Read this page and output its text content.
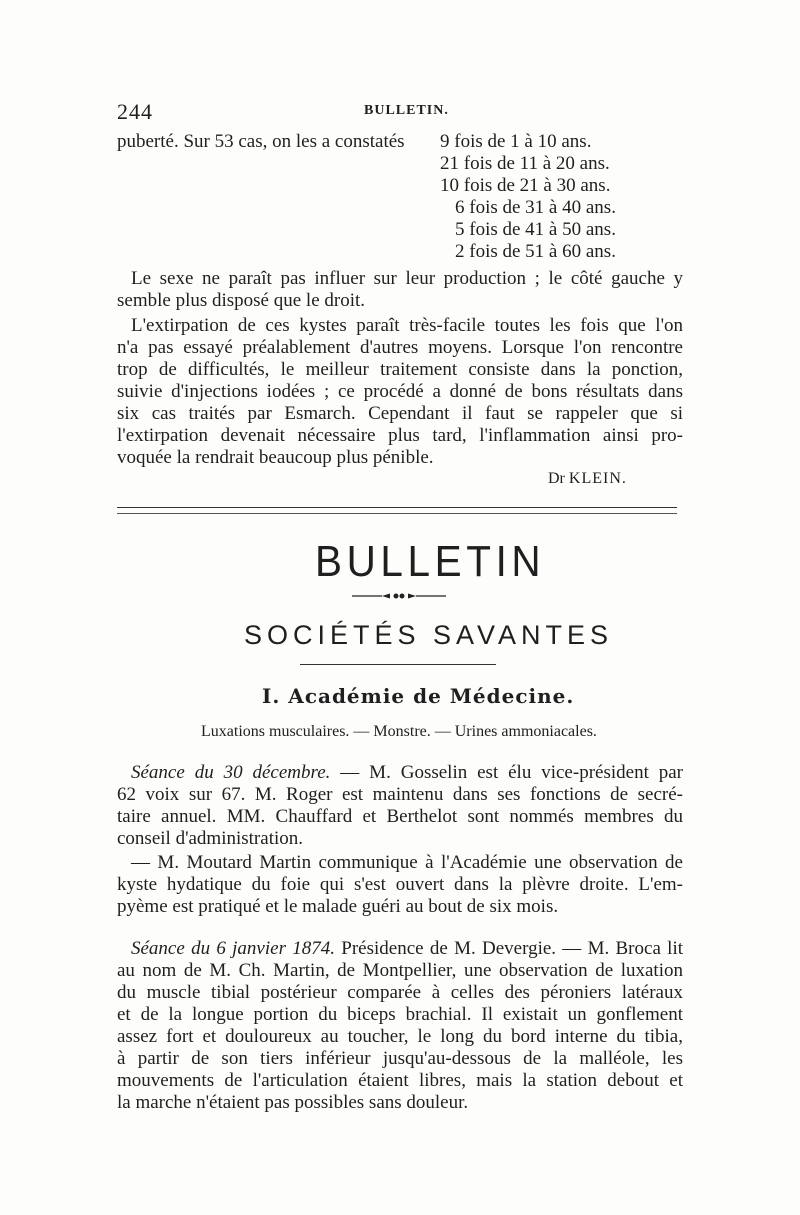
244	BULLETIN.
puberté. Sur 53 cas, on les a constatés 9 fois de 1 à 10 ans.
21 fois de 11 à 20 ans.
10 fois de 21 à 30 ans.
6 fois de 31 à 40 ans.
5 fois de 41 à 50 ans.
2 fois de 51 à 60 ans.
Le sexe ne paraît pas influer sur leur production ; le côté gauche y
semble plus disposé que le droit.
L'extirpation de ces kystes paraît très-facile toutes les fois que l'on
n'a pas essayé préalablement d'autres moyens. Lorsque l'on rencontre
trop de difficultés, le meilleur traitement consiste dans la ponction,
suivie d'injections iodées ; ce procédé a donné de bons résultats dans
six cas traités par Esmarch. Cependant il faut se rappeler que si
l'extirpation devenait nécessaire plus tard, l'inflammation ainsi pro-
voquée la rendrait beaucoup plus pénible.
Dr KLEIN.
BULLETIN
SOCIÉTÉS SAVANTES
I. Académie de Médecine.
Luxations musculaires. — Monstre. — Urines ammoniacales.
Séance du 30 décembre. — M. Gosselin est élu vice-président par
62 voix sur 67. M. Roger est maintenu dans ses fonctions de secré-
taire annuel. MM. Chauffard et Berthelot sont nommés membres du
conseil d'administration.
— M. Moutard Martin communique à l'Académie une observation de
kyste hydatique du foie qui s'est ouvert dans la plèvre droite. L'em-
pyème est pratiqué et le malade guéri au bout de six mois.
Séance du 6 janvier 1874. Présidence de M. Devergie. — M. Broca lit
au nom de M. Ch. Martin, de Montpellier, une observation de luxation
du muscle tibial postérieur comparée à celles des péroniers latéraux
et de la longue portion du biceps brachial. Il existait un gonflement
assez fort et douloureux au toucher, le long du bord interne du tibia,
à partir de son tiers inférieur jusqu'au-dessous de la malléole, les
mouvements de l'articulation étaient libres, mais la station debout et
la marche n'étaient pas possibles sans douleur.
